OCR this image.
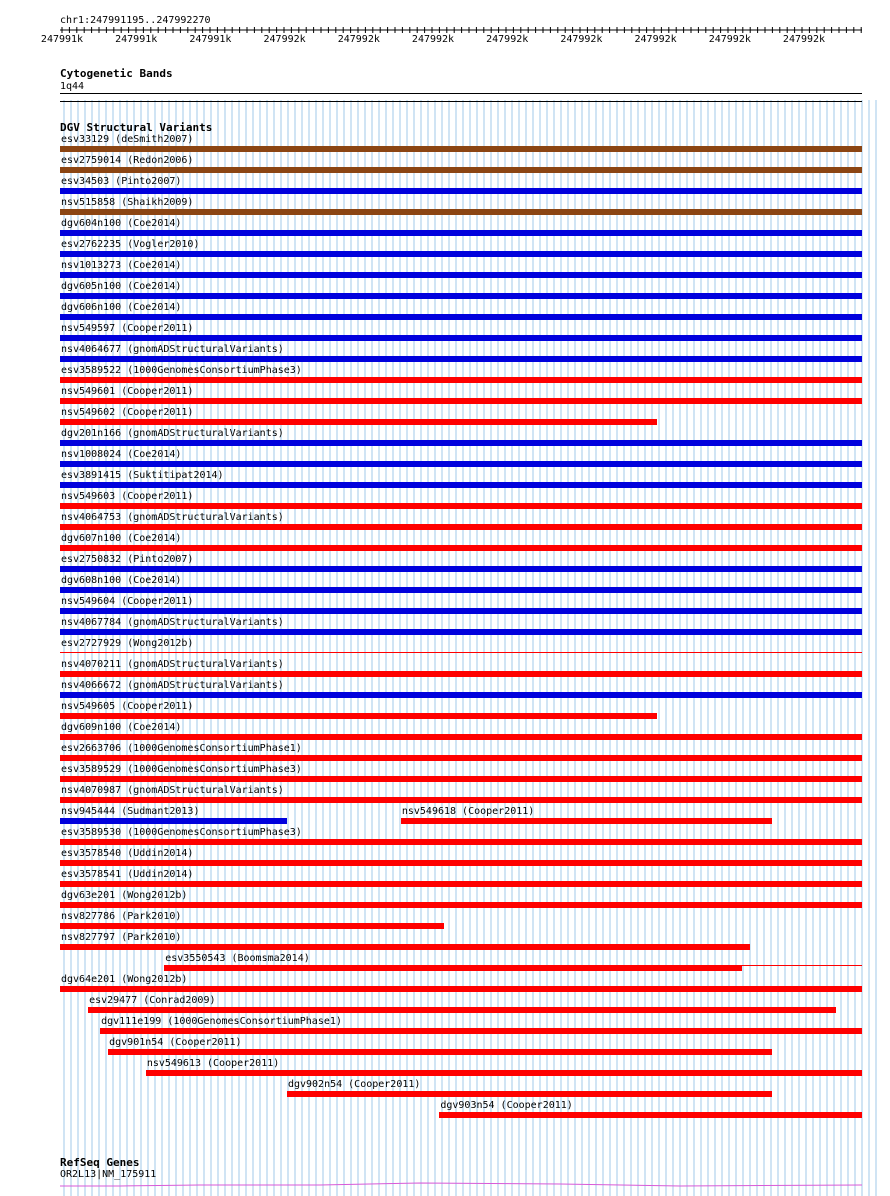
chr1:247991195..247992270
247991k	247991k	247991k	247992k	247992k	247992k	247992k	247992k	247992k	247992k	247992k
Cytogenetic Bands
1q44
DGV Structural Variants
esv33129 (deSmith2007)
esv2759014 (Redon2006)
esv34503 (Pinto2007)
nsv515858 (Shaikh2009)
dgv604n100 (Coe2014)
esv2762235 (Vogler2010)
nsv1013273 (Coe2014)
dgv605n100 (Coe2014)
dgv606n100 (Coe2014)
nsv549597 (Cooper2011)
nsv4064677 (gnomADStructuralVariants)
esv3589522 (1000GenomesConsortiumPhase3)
nsv549601 (Cooper2011)
nsv549602 (Cooper2011)
dgv201n166 (gnomADStructuralVariants)
nsv1008024 (Coe2014)
esv3891415 (Suktitipat2014)
nsv549603 (Cooper2011)
nsv4064753 (gnomADStructuralVariants)
dgv607n100 (Coe2014)
esv2750832 (Pinto2007)
dgv608n100 (Coe2014)
nsv549604 (Cooper2011)
nsv4067784 (gnomADStructuralVariants)
esv2727929 (Wong2012b)
nsv4070211 (gnomADStructuralVariants)
nsv4066672 (gnomADStructuralVariants)
nsv549605 (Cooper2011)
dgv609n100 (Coe2014)
esv2663706 (1000GenomesConsortiumPhase1)
esv3589529 (1000GenomesConsortiumPhase3)
nsv4070987 (gnomADStructuralVariants)
nsv945444 (Sudmant2013)	nsv549618 (Cooper2011)
esv3589530 (1000GenomesConsortiumPhase3)
esv3578540 (Uddin2014)
esv3578541 (Uddin2014)
dgv63e201 (Wong2012b)
nsv827786 (Park2010)
nsv827797 (Park2010)
esv3550543 (Boomsma2014)
dgv64e201 (Wong2012b)
esv29477 (Conrad2009)
dgv111e199 (1000GenomesConsortiumPhase1)
dgv901n54 (Cooper2011)
nsv549613 (Cooper2011)
dgv902n54 (Cooper2011)
dgv903n54 (Cooper2011)
RefSeq Genes
OR2L13|NM_175911
